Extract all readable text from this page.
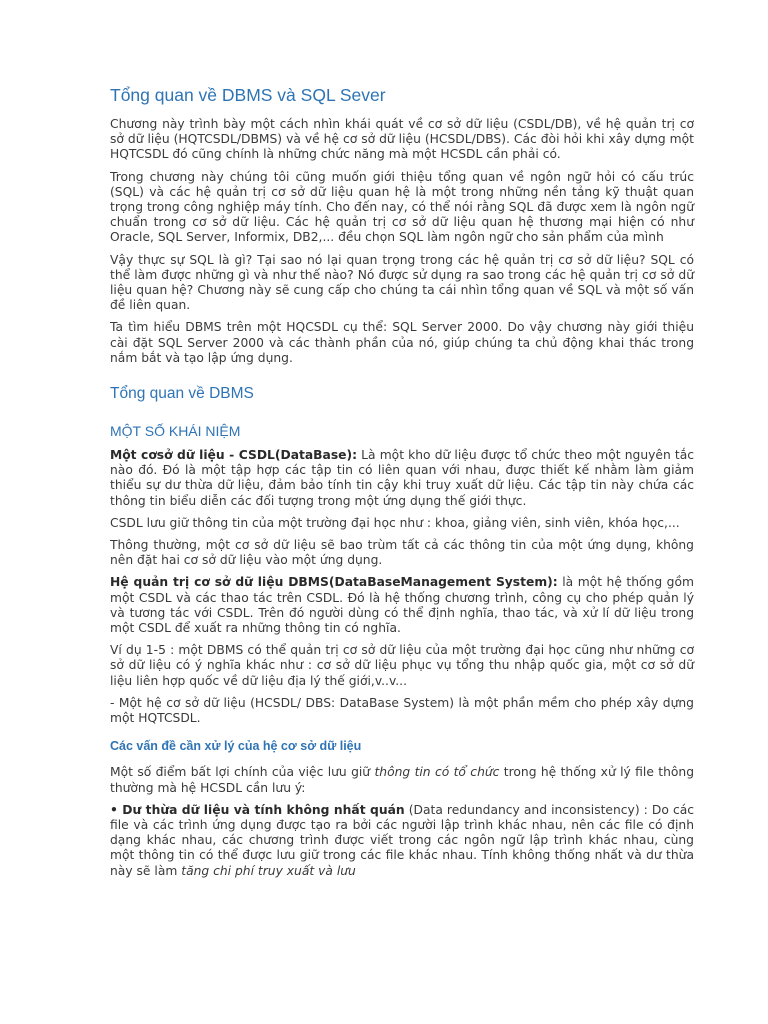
Tổng quan về DBMS và SQL Sever

Chương này trình bày một cách nhìn khái quát về cơ sở dữ liệu (CSDL/DB), về hệ quản trị cơ sở dữ liệu (HQTCSDL/DBMS) và về hệ cơ sở dữ liệu (HCSDL/DBS). Các đòi hỏi khi xây dựng một HQTCSDL đó cũng chính là những chức năng mà một HCSDL cần phải có.

Trong chương này chúng tôi cũng muốn giới thiệu tổng quan về ngôn ngữ hỏi có cấu trúc (SQL) và các hệ quản trị cơ sở dữ liệu quan hệ là một trong những nền tảng kỹ thuật quan trọng trong công nghiệp máy tính. Cho đến nay, có thể nói rằng SQL đã được xem là ngôn ngữ chuẩn trong cơ sở dữ liệu. Các hệ quản trị cơ sở dữ liệu quan hệ thương mại hiện có như Oracle, SQL Server, Informix, DB2,... đều chọn SQL làm ngôn ngữ cho sản phẩm của mình

Vậy thực sự SQL là gì? Tại sao nó lại quan trọng trong các hệ quản trị cơ sở dữ liệu? SQL có thể làm được những gì và như thế nào? Nó được sử dụng ra sao trong các hệ quản trị cơ sở dữ liệu quan hệ? Chương này sẽ cung cấp cho chúng ta cái nhìn tổng quan về SQL và một số vấn đề liên quan.

Ta tìm hiểu DBMS trên một HQCSDL cụ thể: SQL Server 2000. Do vậy chương này giới thiệu cài đặt SQL Server 2000 và các thành phần của nó, giúp chúng ta chủ động khai thác trong nắm bắt và tạo lập ứng dụng.

Tổng quan về DBMS
MỘT SỐ KHÁI NIỆM

Một cơsở dữ liệu - CSDL(DataBase): Là một kho dữ liệu được tổ chức theo một nguyên tắc nào đó. Đó là một tập hợp các tập tin có liên quan với nhau, được thiết kế nhằm làm giảm thiểu sự dư thừa dữ liệu, đảm bảo tính tin cậy khi truy xuất dữ liệu. Các tập tin này chứa các thông tin biểu diễn các đối tượng trong một ứng dụng thế giới thực.

CSDL lưu giữ thông tin của một trường đại học như : khoa, giảng viên, sinh viên, khóa học,...

Thông thường, một cơ sở dữ liệu sẽ bao trùm tất cả các thông tin của một ứng dụng, không nên đặt hai cơ sở dữ liệu vào một ứng dụng.

Hệ quản trị cơ sở dữ liệu DBMS(DataBaseManagement System): là một hệ thống gồm một CSDL và các thao tác trên CSDL. Đó là hệ thống chương trình, công cụ cho phép quản lý và tương tác với CSDL. Trên đó người dùng có thể định nghĩa, thao tác, và xử lí dữ liệu trong một CSDL để xuất ra những thông tin có nghĩa.

Ví dụ 1-5 : một DBMS có thể quản trị cơ sở dữ liệu của một trường đại học cũng như những cơ sở dữ liệu có ý nghĩa khác như : cơ sở dữ liệu phục vụ tổng thu nhập quốc gia, một cơ sở dữ liệu liên hợp quốc về dữ liệu địa lý thế giới,v..v...

- Một hệ cơ sở dữ liệu (HCSDL/ DBS: DataBase System) là một phần mềm cho phép xây dựng một HQTCSDL.

Các vấn đề cần xử lý của hệ cơ sở dữ liệu

Một số điểm bất lợi chính của việc lưu giữ thông tin có tổ chức trong hệ thống xử lý file thông thường mà hệ HCSDL cần lưu ý:

• Dư thừa dữ liệu và tính không nhất quán (Data redundancy and inconsistency) : Do các file và các trình ứng dụng được tạo ra bởi các người lập trình khác nhau, nên các file có định dạng khác nhau, các chương trình được viết trong các ngôn ngữ lập trình khác nhau, cùng một thông tin có thể được lưu giữ trong các file khác nhau. Tính không thống nhất và dư thừa này sẽ làm tăng chi phí truy xuất và lưu
